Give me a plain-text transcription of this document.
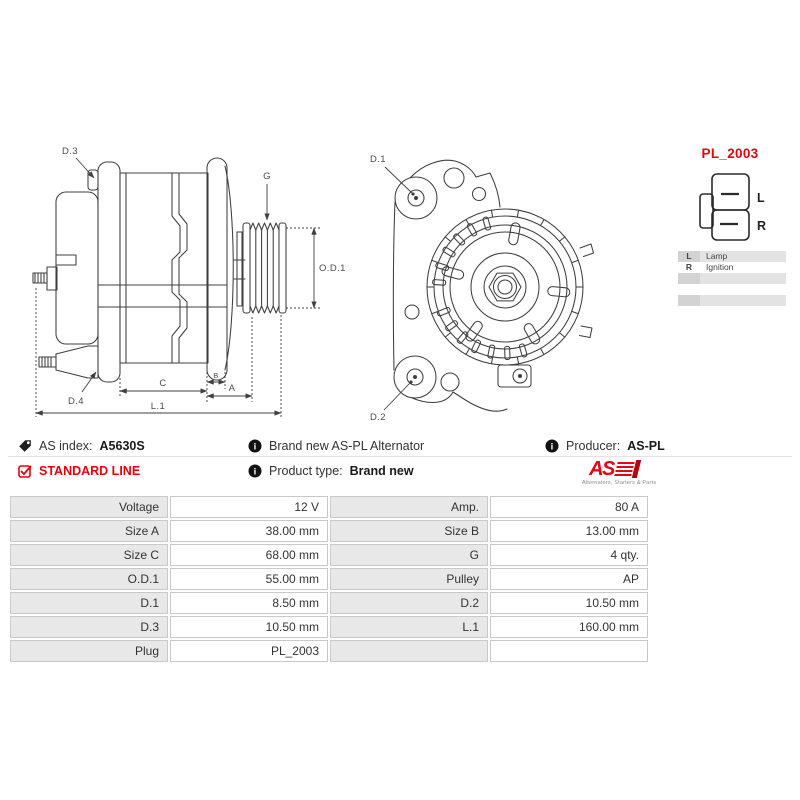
D.3
D.4
G
O.D.1
C
B
A
L.1
D.1
D.2
PL_2003
L
R
L	Lamp
R	Ignition
AS index: A5630S	i Brand new AS-PL Alternator	i Producer: AS-PL
STANDARD LINE	i Product type: Brand new	AS
Alternators, Starters & Parts
Voltage	12 V	Amp.	80 A
Size A	38.00 mm	Size B	13.00 mm
Size C	68.00 mm	G	4 qty.
O.D.1	55.00 mm	Pulley	AP
D.1	8.50 mm	D.2	10.50 mm
D.3	10.50 mm	L.1	160.00 mm
Plug	PL_2003		
